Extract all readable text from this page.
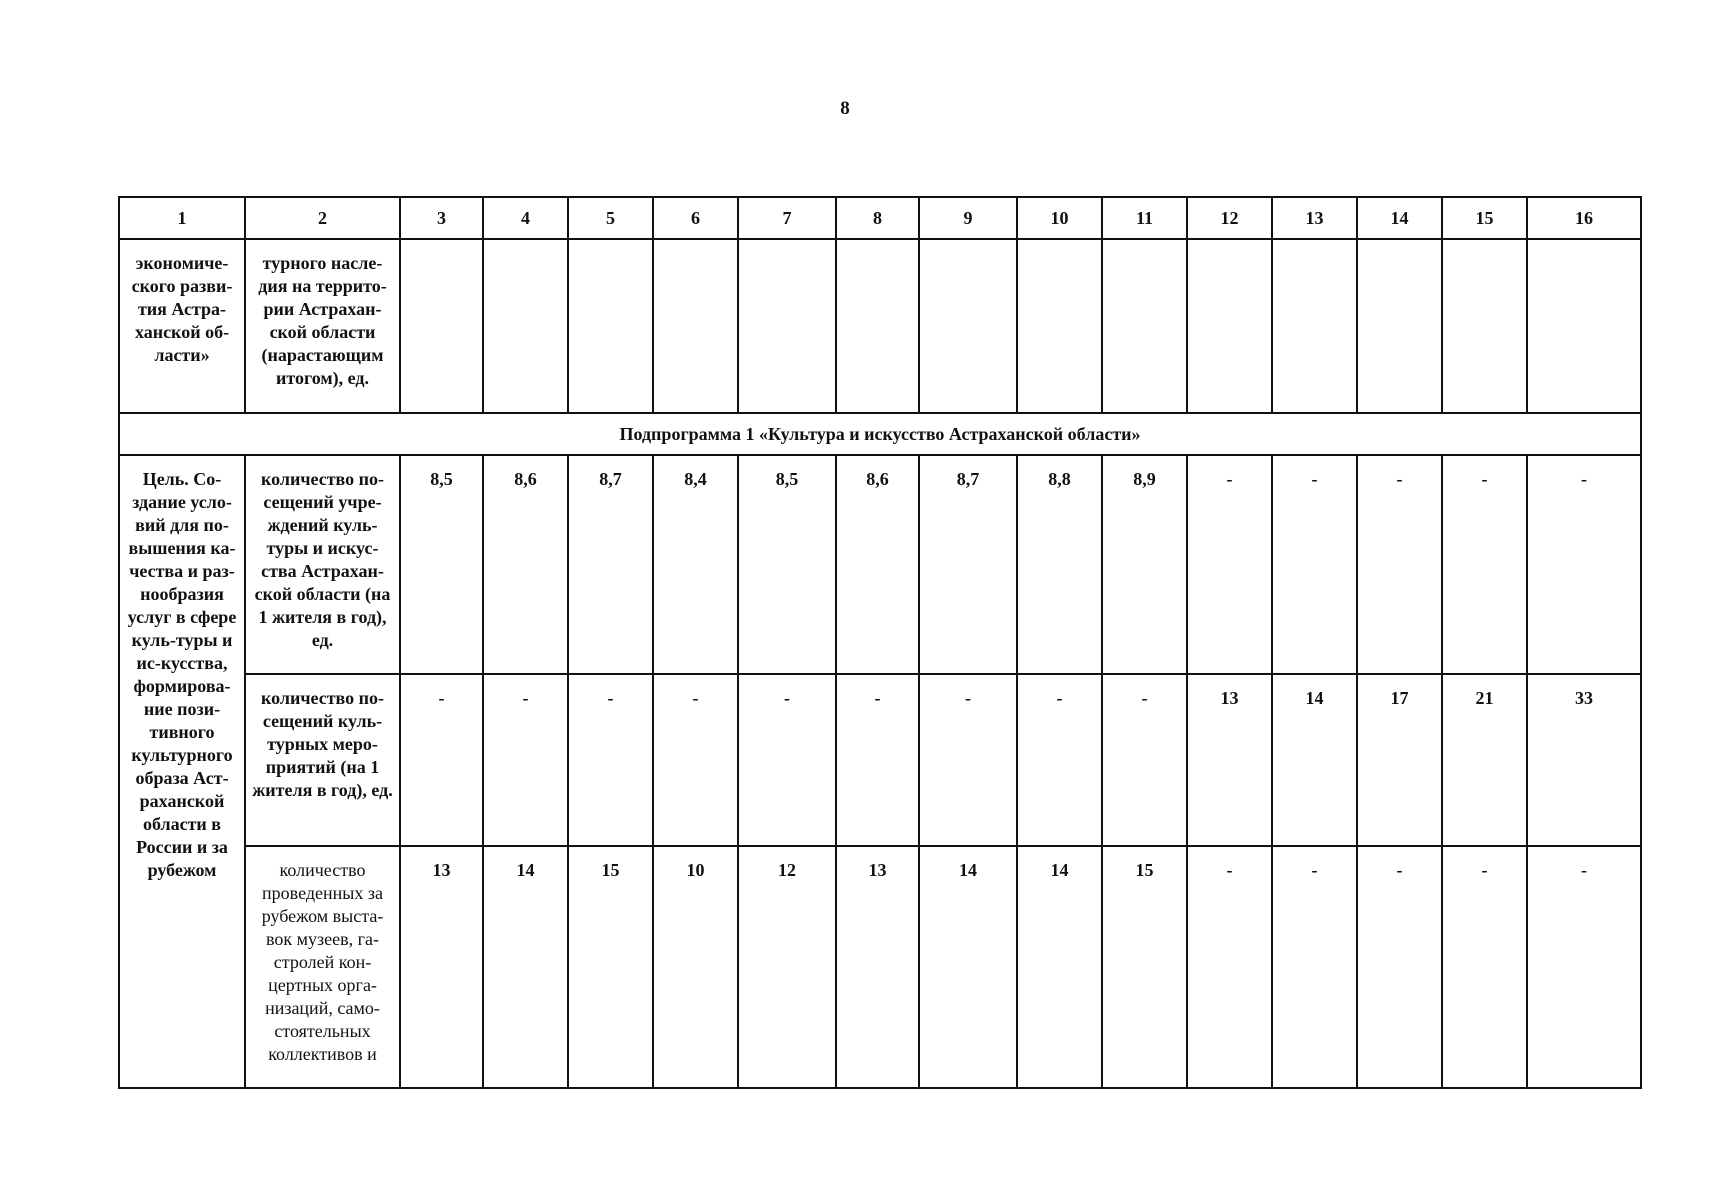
8
1	2	3	4	5	6	7	8	9	10	11	12	13	14	15	16
экономиче-ского разви-тия Астра-ханской об-ласти»	турного насле-дия на террито-рии Астрахан-ской области (нарастающим итогом), ед.														
Подпрограмма 1 «Культура и искусство Астраханской области»															
Цель. Со-здание усло-вий для по-вышения ка-чества и раз-нообразия услуг в сфере куль-туры и ис-кусства, формирова-ние пози-тивного культурного образа Аст-раханской области в России и за рубежом	количество по-сещений учре-ждений куль-туры и искус-ства Астрахан-ской области (на 1 жителя в год), ед.	8,5	8,6	8,7	8,4	8,5	8,6	8,7	8,8	8,9	-	-	-	-	-
	количество по-сещений куль-турных меро-приятий (на 1 жителя в год), ед.	-	-	-	-	-	-	-	-	-	13	14	17	21	33
	количество проведенных за рубежом выста-вок музеев, га-стролей кон-цертных орга-низаций, само-стоятельных коллективов и	13	14	15	10	12	13	14	14	15	-	-	-	-	-
